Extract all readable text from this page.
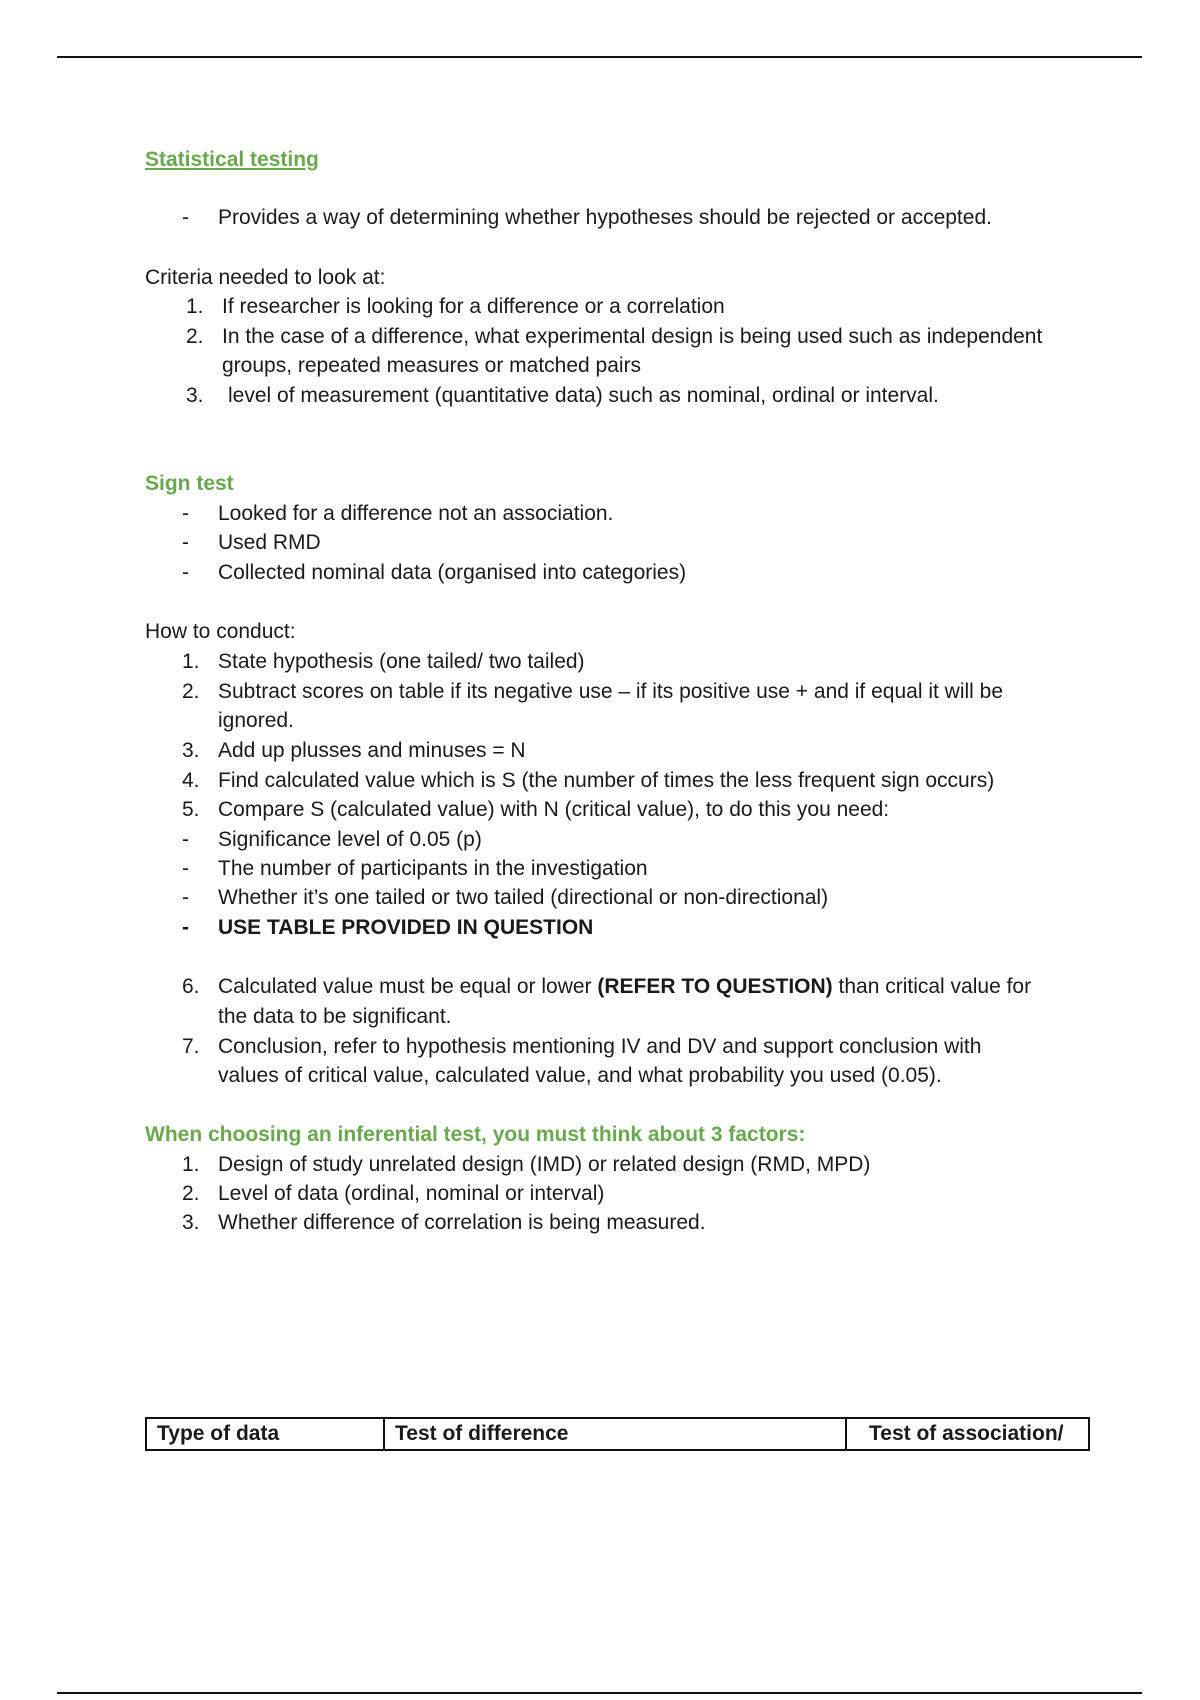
Statistical testing
- Provides a way of determining whether hypotheses should be rejected or accepted.
Criteria needed to look at:
1. If researcher is looking for a difference or a correlation
2. In the case of a difference, what experimental design is being used such as independent
groups, repeated measures or matched pairs
3. level of measurement (quantitative data) such as nominal, ordinal or interval.
Sign test
- Looked for a difference not an association.
- Used RMD
- Collected nominal data (organised into categories)
How to conduct:
1. State hypothesis (one tailed/ two tailed)
2. Subtract scores on table if its negative use – if its positive use + and if equal it will be
ignored.
3. Add up plusses and minuses = N
4. Find calculated value which is S (the number of times the less frequent sign occurs)
5. Compare S (calculated value) with N (critical value), to do this you need:
- Significance level of 0.05 (p)
- The number of participants in the investigation
- Whether it’s one tailed or two tailed (directional or non-directional)
- USE TABLE PROVIDED IN QUESTION
6. Calculated value must be equal or lower (REFER TO QUESTION) than critical value for
the data to be significant.
7. Conclusion, refer to hypothesis mentioning IV and DV and support conclusion with
values of critical value, calculated value, and what probability you used (0.05).
When choosing an inferential test, you must think about 3 factors:
1. Design of study unrelated design (IMD) or related design (RMD, MPD)
2. Level of data (ordinal, nominal or interval)
3. Whether difference of correlation is being measured.
Type of data	Test of difference	Test of association/
